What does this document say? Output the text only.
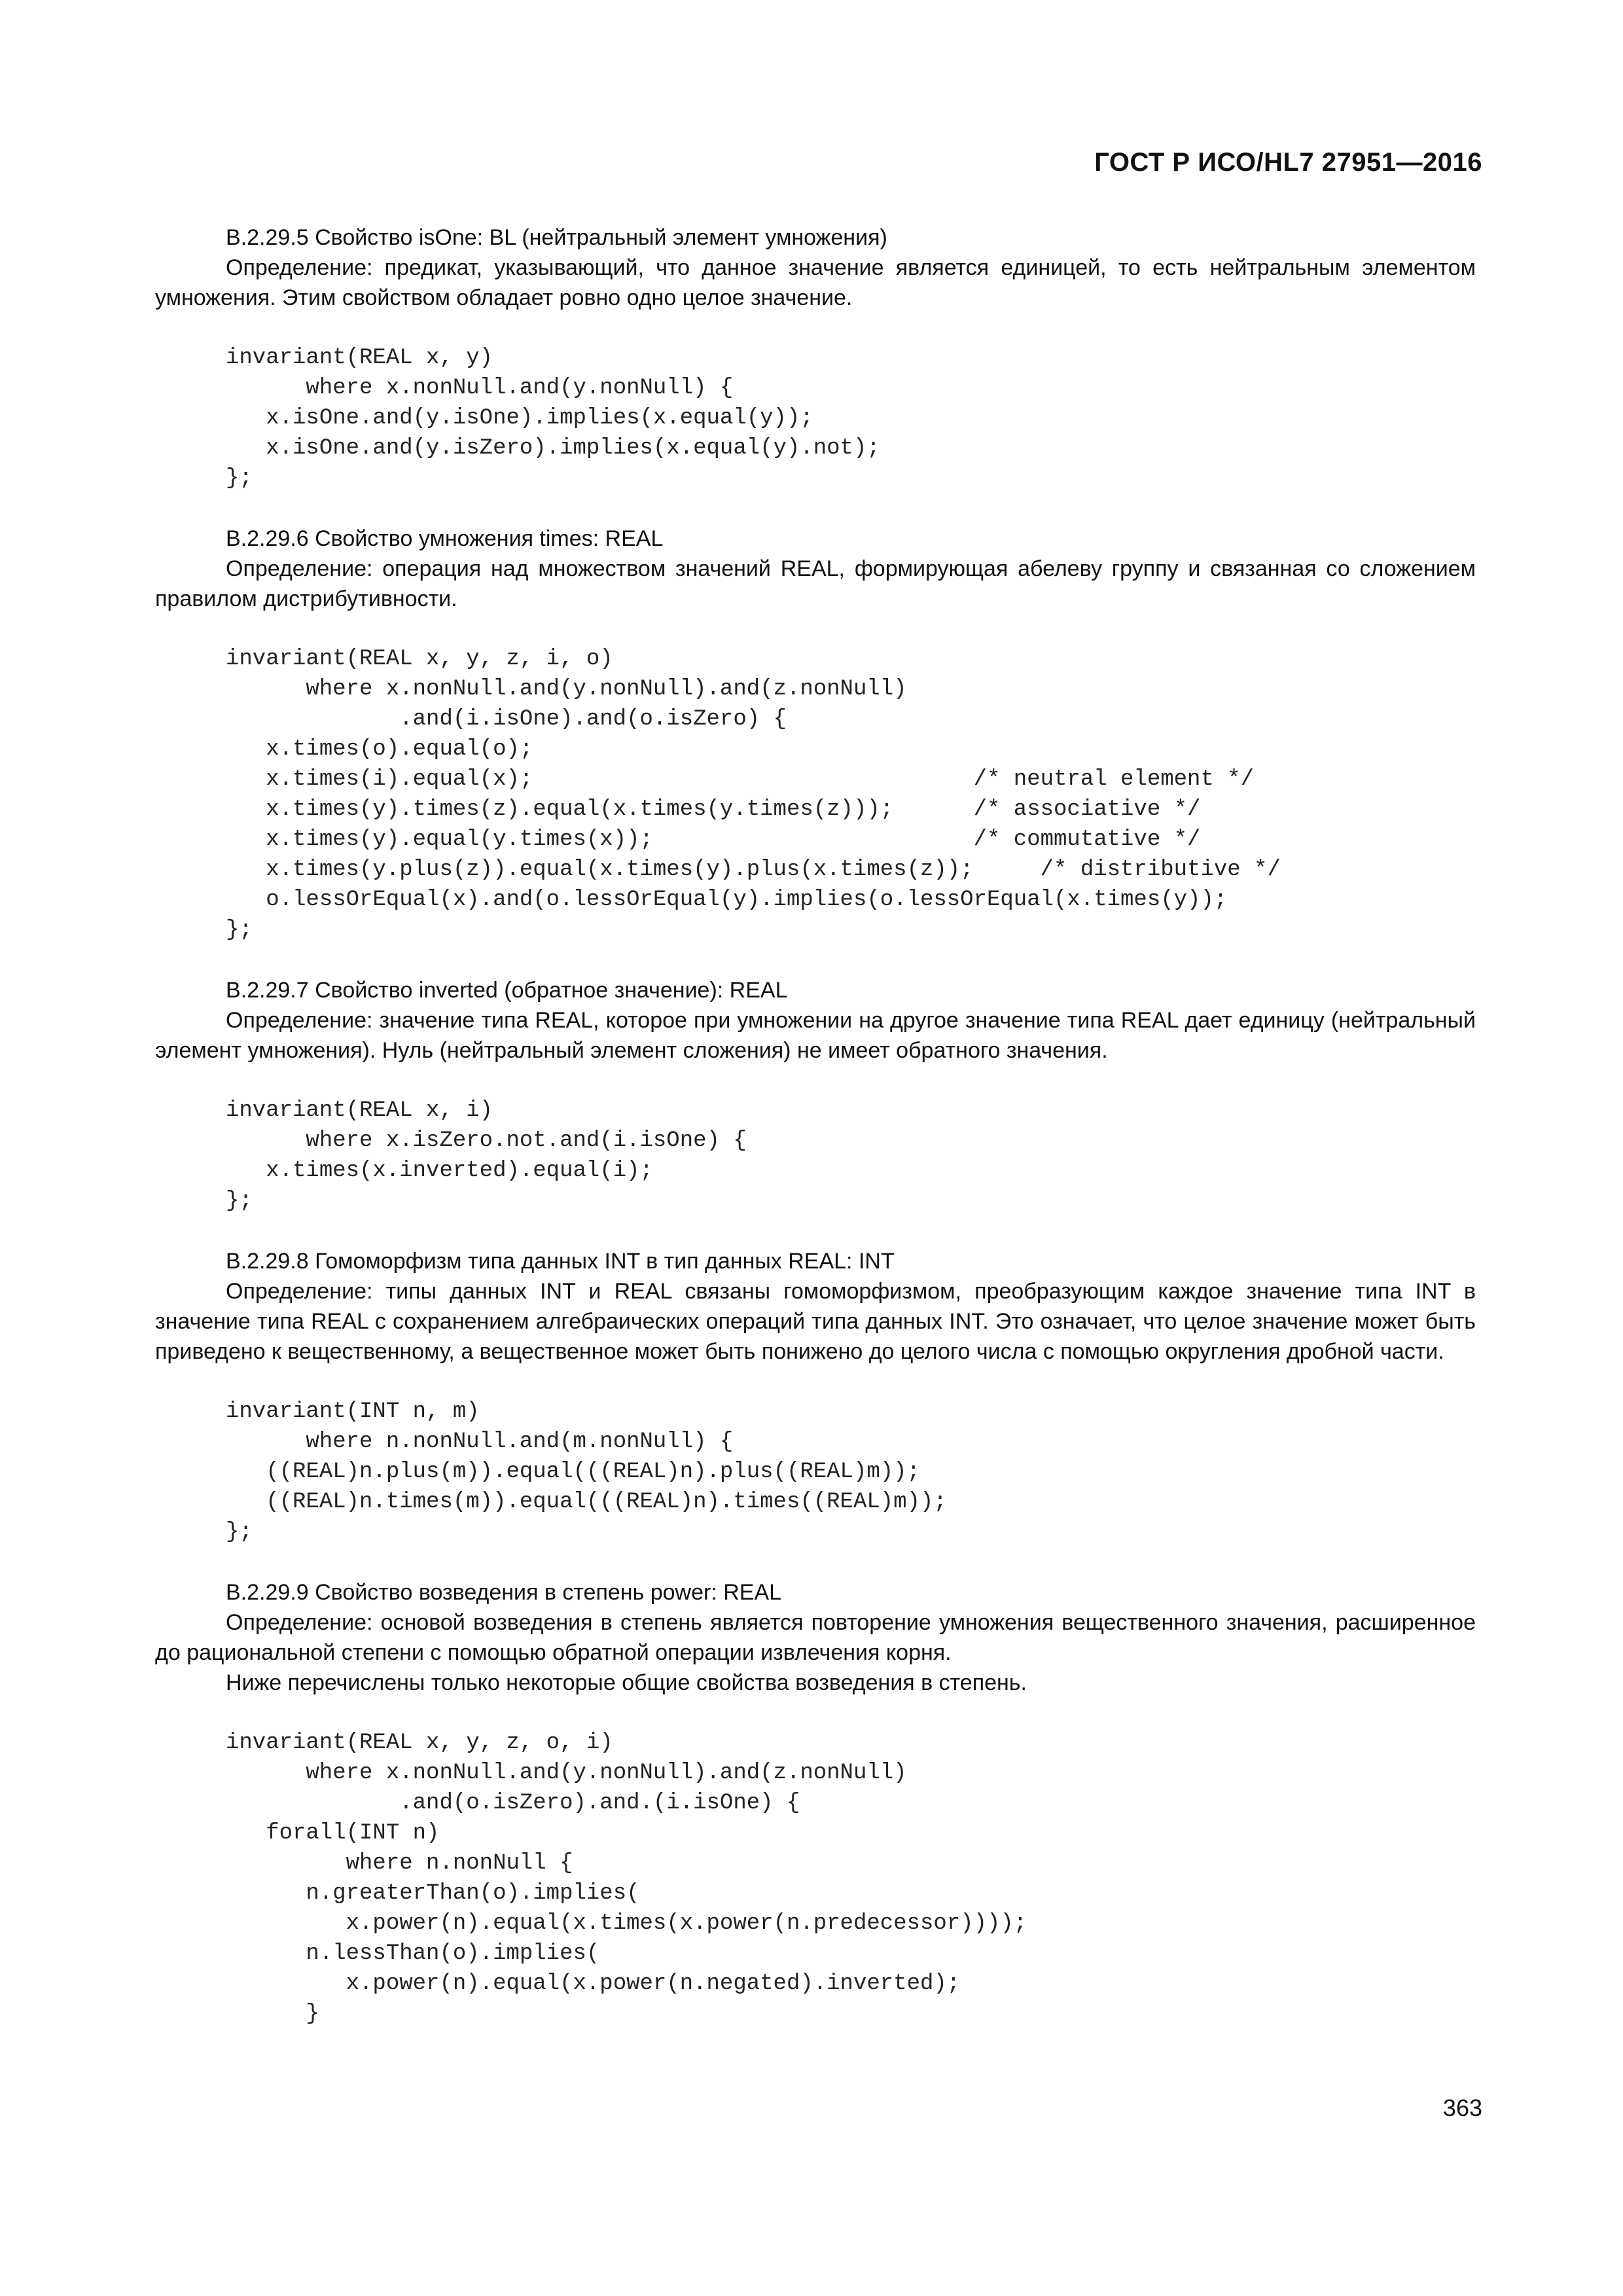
ГОСТ Р ИСО/HL7 27951—2016

B.2.29.5 Свойство isOne: BL (нейтральный элемент умножения)

Определение: предикат, указывающий, что данное значение является единицей, то есть нейтральным элементом умножения. Этим свойством обладает ровно одно целое значение.

invariant(REAL x, y)
where x.nonNull.and(y.nonNull) {
x.isOne.and(y.isOne).implies(x.equal(y));
x.isOne.and(y.isZero).implies(x.equal(y).not);
};

B.2.29.6 Свойство умножения times: REAL

Определение: операция над множеством значений REAL, формирующая абелеву группу и связанная со сложением правилом дистрибутивности.

invariant(REAL x, y, z, i, o)
where x.nonNull.and(y.nonNull).and(z.nonNull)
.and(i.isOne).and(o.isZero) {
x.times(o).equal(o);
x.times(i).equal(x);                                 /* neutral element */
x.times(y).times(z).equal(x.times(y.times(z)));      /* associative */
x.times(y).equal(y.times(x));                        /* commutative */
x.times(y.plus(z)).equal(x.times(y).plus(x.times(z));     /* distributive */
o.lessOrEqual(x).and(o.lessOrEqual(y).implies(o.lessOrEqual(x.times(y));
};

B.2.29.7 Свойство inverted (обратное значение): REAL

Определение: значение типа REAL, которое при умножении на другое значение типа REAL дает единицу (нейтральный элемент умножения). Нуль (нейтральный элемент сложения) не имеет обратного значения.

invariant(REAL x, i)
where x.isZero.not.and(i.isOne) {
x.times(x.inverted).equal(i);
};

B.2.29.8 Гомоморфизм типа данных INT в тип данных REAL: INT

Определение: типы данных INT и REAL связаны гомоморфизмом, преобразующим каждое значение типа INT в значение типа REAL с сохранением алгебраических операций типа данных INT. Это означает, что целое значение может быть приведено к вещественному, а вещественное может быть понижено до целого числа с помощью округления дробной части.

invariant(INT n, m)
where n.nonNull.and(m.nonNull) {
((REAL)n.plus(m)).equal(((REAL)n).plus((REAL)m));
((REAL)n.times(m)).equal(((REAL)n).times((REAL)m));
};

B.2.29.9 Свойство возведения в степень power: REAL

Определение: основой возведения в степень является повторение умножения вещественного значения, расширенное до рациональной степени с помощью обратной операции извлечения корня.

Ниже перечислены только некоторые общие свойства возведения в степень.

invariant(REAL x, y, z, o, i)
where x.nonNull.and(y.nonNull).and(z.nonNull)
.and(o.isZero).and.(i.isOne) {
forall(INT n)
where n.nonNull {
n.greaterThan(o).implies(
x.power(n).equal(x.times(x.power(n.predecessor))));
n.lessThan(o).implies(
x.power(n).equal(x.power(n.negated).inverted);
}
363
